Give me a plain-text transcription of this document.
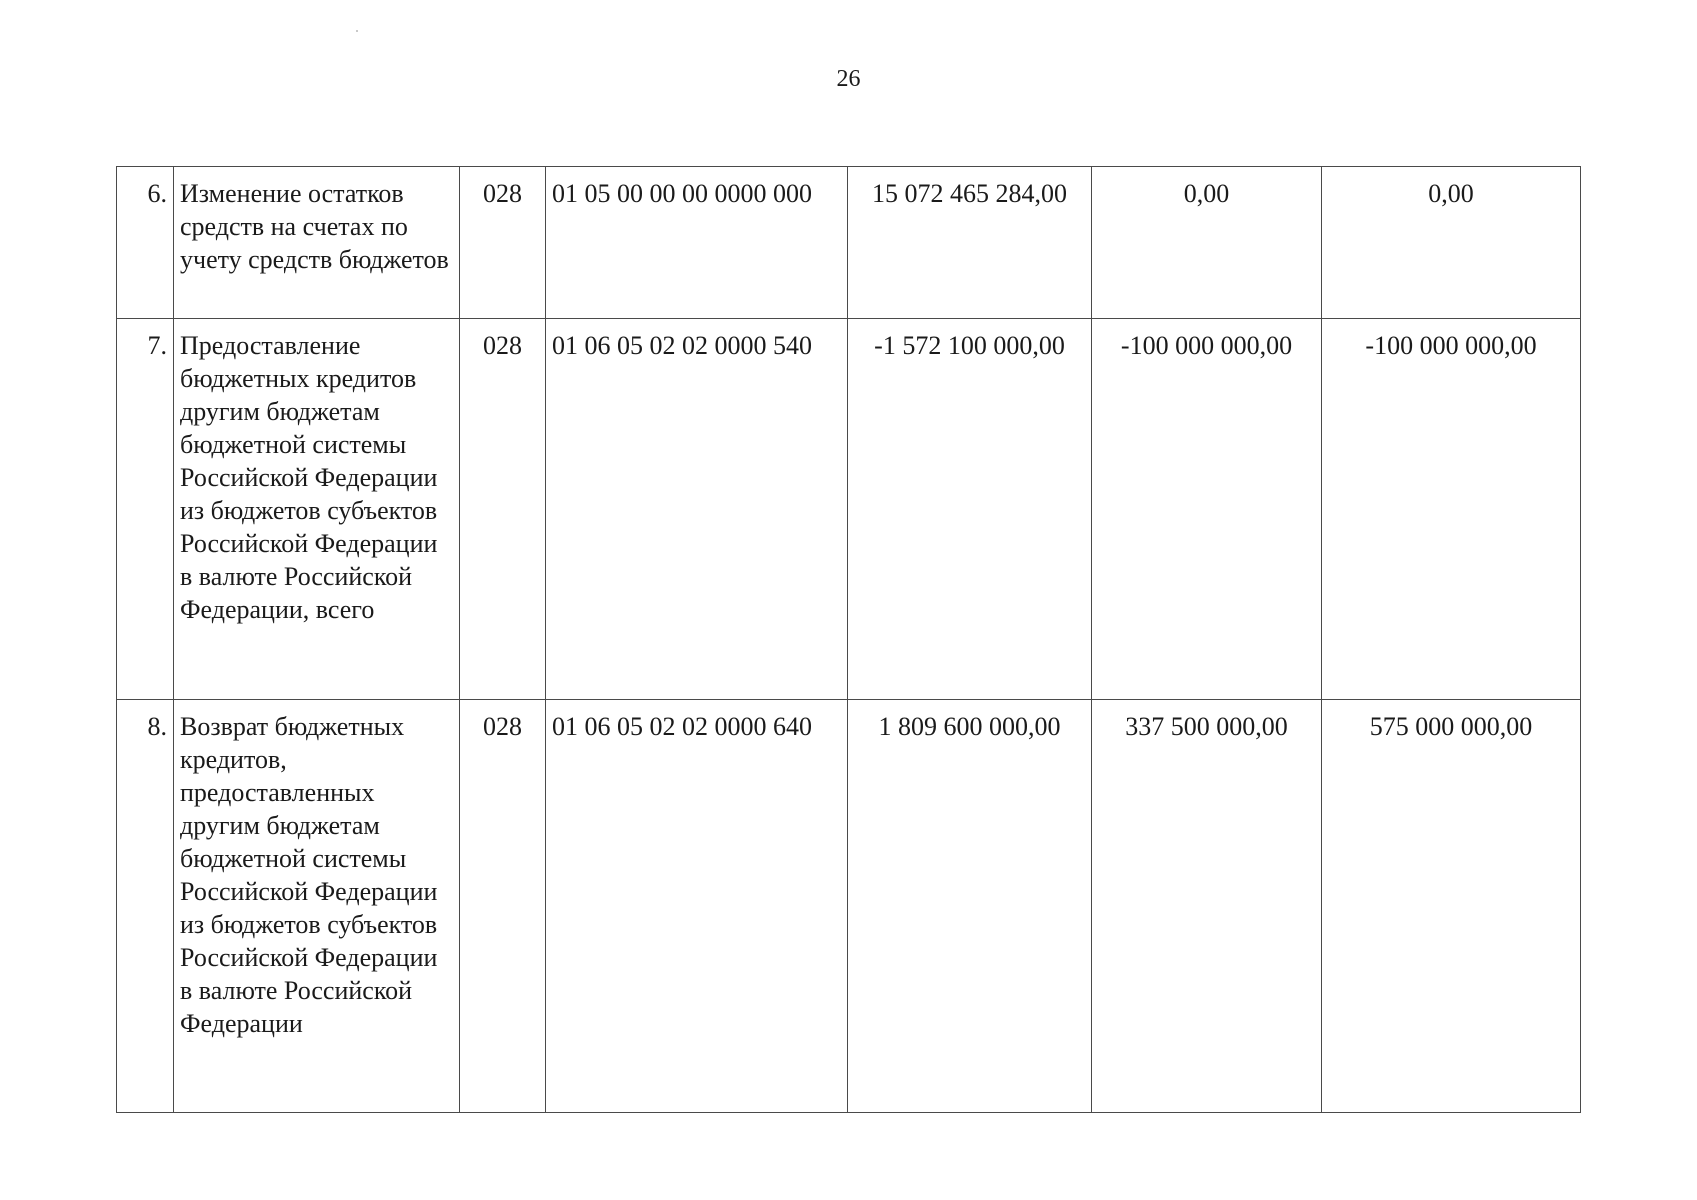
26
6.	Изменение остатков средств на счетах по учету средств бюджетов	028	01 05 00 00 00 0000 000	15 072 465 284,00	0,00	0,00
7.	Предоставление бюджетных кредитов другим бюджетам бюджетной системы Российской Федерации из бюджетов субъектов Российской Федерации в валюте Российской Федерации, всего	028	01 06 05 02 02 0000 540	-1 572 100 000,00	-100 000 000,00	-100 000 000,00
8.	Возврат бюджетных кредитов, предоставленных другим бюджетам бюджетной системы Российской Федерации из бюджетов субъектов Российской Федерации в валюте Российской Федерации	028	01 06 05 02 02 0000 640	1 809 600 000,00	337 500 000,00	575 000 000,00
